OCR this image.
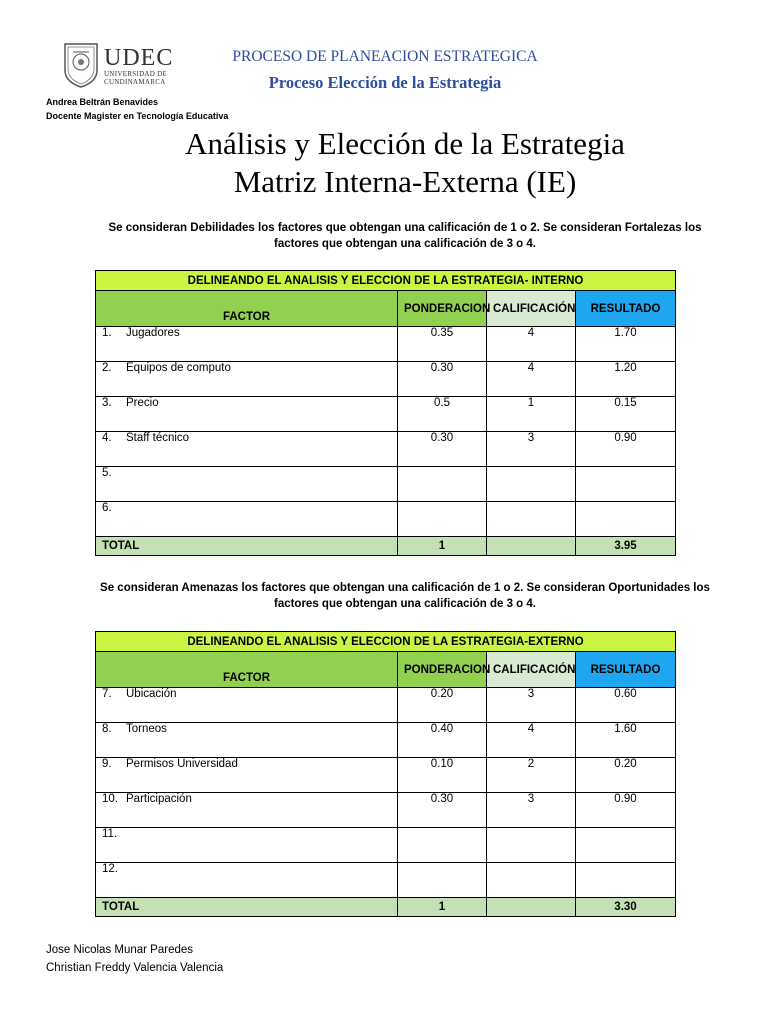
UDEC
UNIVERSIDAD DE
CUNDINAMARCA
PROCESO DE PLANEACION ESTRATEGICA
Proceso Elección de la Estrategia
Andrea Beltrán Benavides
Docente Magister en Tecnología Educativa
Análisis y Elección de la Estrategia
Matriz Interna-Externa (IE)
Se consideran Debilidades los factores que obtengan una calificación de 1 o 2. Se consideran Fortalezas los
factores que obtengan una calificación de 3 o 4.
DELINEANDO EL ANALISIS Y ELECCION DE LA ESTRATEGIA- INTERNO			
FACTOR	PONDERACION	CALIFICACIÓN	RESULTADO
1. Jugadores	0.35	4	1.70
2. Equipos de computo	0.30	4	1.20
3. Precio	0.5	1	0.15
4. Staff técnico	0.30	3	0.90
5.			
6.			
TOTAL	1		3.95
Se consideran Amenazas los factores que obtengan una calificación de 1 o 2. Se consideran Oportunidades los
factores que obtengan una calificación de 3 o 4.
DELINEANDO EL ANALISIS Y ELECCION DE LA ESTRATEGIA-EXTERNO			
FACTOR	PONDERACION	CALIFICACIÓN	RESULTADO
7. Ubicación	0.20	3	0.60
8. Torneos	0.40	4	1.60
9. Permisos Universidad	0.10	2	0.20
10. Participación	0.30	3	0.90
11.			
12.			
TOTAL	1		3.30
Jose Nicolas Munar Paredes
Christian Freddy Valencia Valencia
